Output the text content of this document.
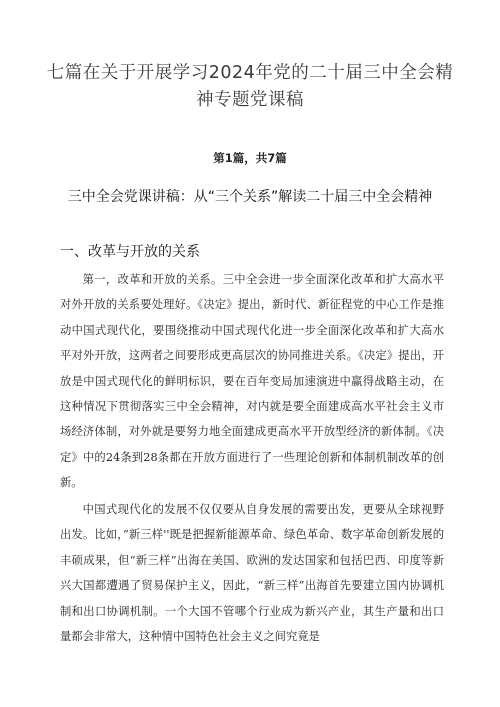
七篇在关于开展学习2024年党的二十届三中全会精神专题党课稿
第1篇，共7篇
三中全会党课讲稿：从“三个关系”解读二十届三中全会精神
一、改革与开放的关系

第一，改革和开放的关系。三中全会进一步全面深化改革和扩大高水平对外开放的关系要处理好。《决定》提出，新时代、新征程党的中心工作是推动中国式现代化，要围绕推动中国式现代化进一步全面深化改革和扩大高水平对外开放，这两者之间要形成更高层次的协同推进关系。《决定》提出，开放是中国式现代化的鲜明标识，要在百年变局加速演进中赢得战略主动，在这种情况下贯彻落实三中全会精神，对内就是要全面建成高水平社会主义市场经济体制，对外就是要努力地全面建成更高水平开放型经济的新体制。《决定》中的24条到28条都在开放方面进行了一些理论创新和体制机制改革的创新。

中国式现代化的发展不仅仅要从自身发展的需要出发，更要从全球视野出发。比如，”新三样''既是把握新能源革命、绿色革命、数字革命创新发展的丰硕成果，但“新三样”出海在美国、欧洲的发达国家和包括巴西、印度等新兴大国都遭遇了贸易保护主义，因此，“新三样”出海首先要建立国内协调机制和出口协调机制。一个大国不管哪个行业成为新兴产业，其生产量和出口量都会非常大，这种情中国特色社会主义之间究竟是
